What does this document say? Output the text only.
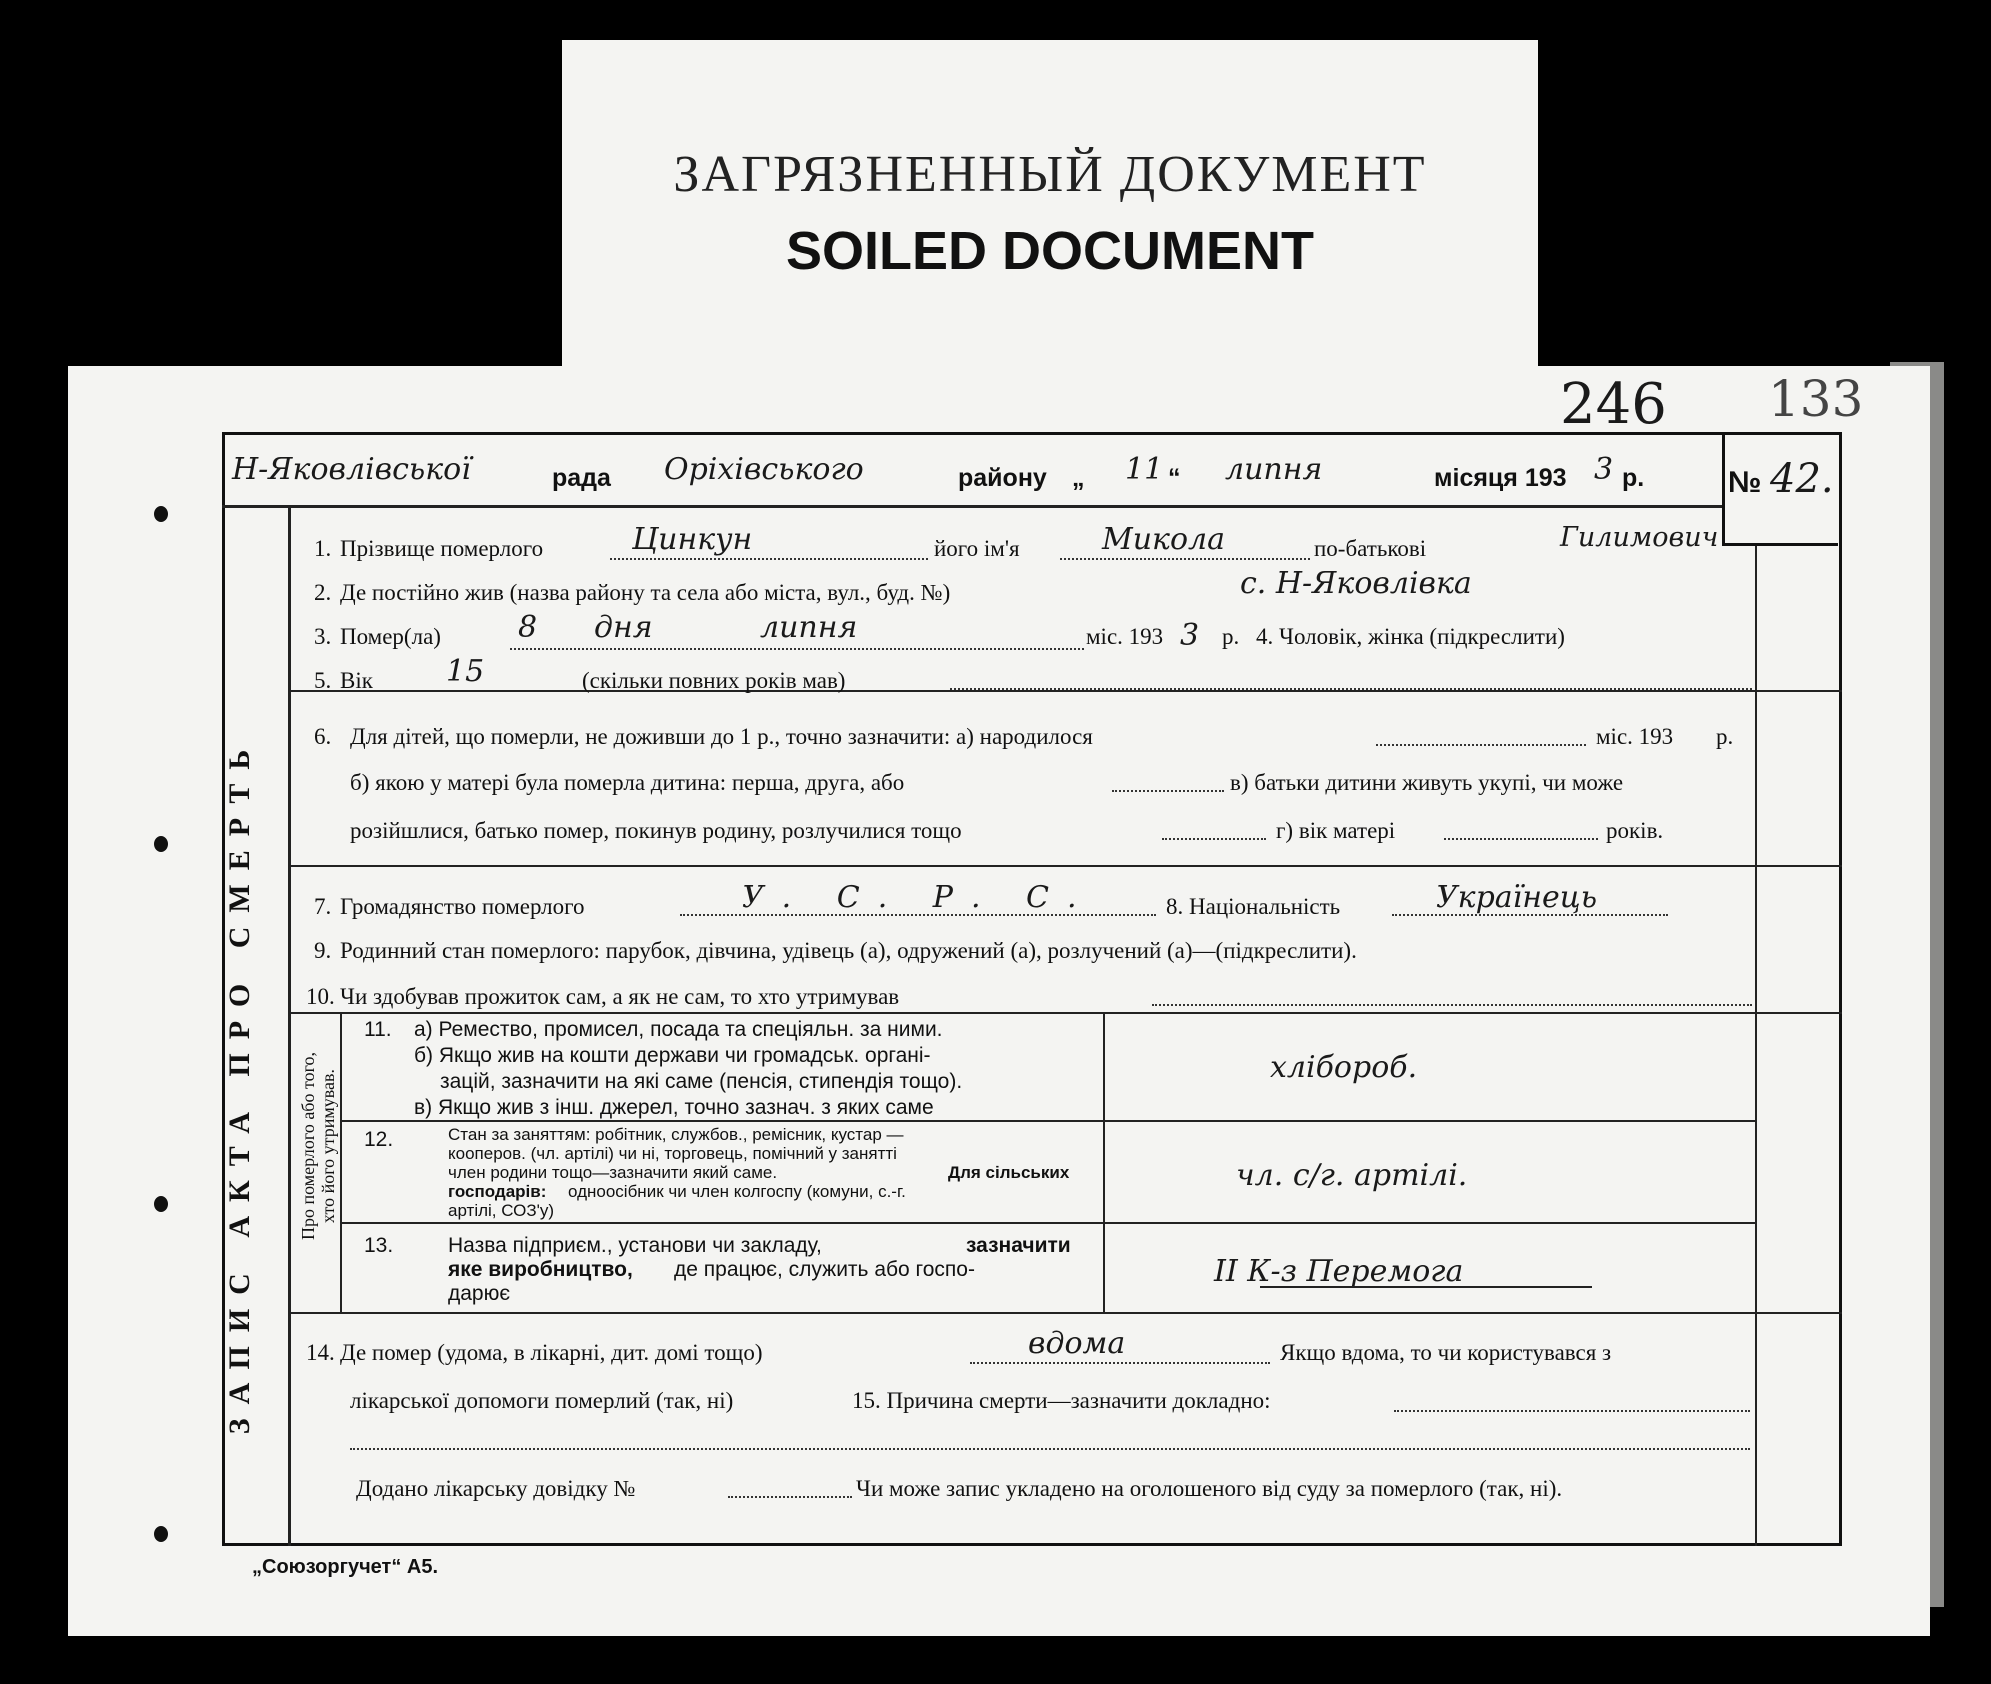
ЗАГРЯЗНЕННЫЙ ДОКУМЕНТ
SOILED DOCUMENT
246 133
ЗАПИС АКТА ПРО СМЕРТЬ Про померлого або того, хто його утримував.
Н-Яковлівської	рада Оріхівського	району „ 11 “ липня	місяця 193 3 р.	№ 42.
1. Прізвище померлого	Цинкун	його ім'я	Микола	по-батькові	Гилимович
2. Де постійно жив (назва району та села або міста, вул., буд. №)	с. Н-Яковлівка
3. Помер(ла)	8 дня	липня	міс. 193 3 р. 4. Чоловік, жінка (підкреслити)
5. Вік 15	(скільки повних років мав)
6. Для дітей, що померли, не доживши до 1 р., точно зазначити: а) народилося	міс. 193 р.
б) якою у матері була померла дитина: перша, друга, або	в) батьки дитини живуть укупі, чи може
розійшлися, батько помер, покинув родину, розлучилися тощо	г) вік матері	років.
7. Громадянство померлого	У. С. Р. С.	8. Національність	Українець
9. Родинний стан померлого: парубок, дівчина, удівець (а), одружений (а), розлучений (а)—(підкреслити).
10. Чи здобував прожиток сам, а як не сам, то хто утримував
11. а) Ремество, промисел, посада та спеціяльн. за ними.
б) Якщо жив на кошти держави чи громадськ. органі-
зацій, зазначити на які саме (пенсія, стипендія тощо).
в) Якщо жив з інш. джерел, точно зазнач. з яких саме
хлібороб.
12.	Стан за заняттям: робітник, службов., ремісник, кустар —
кооперов. (чл. артілі) чи ні, торговець, помічний у занятті
член родини тощо—зазначити який саме.	Для сільських
господарів: одноосібник чи член колгоспу (комуни, с.-г.
артілі, СОЗ'у)
чл. с/г. артілі.
13.	Назва підприєм., установи чи закладу,	зазначити
яке виробництво, де працює, служить або госпо-
дарює
II К-з Перемога
14. Де помер (удома, в лікарні, дит. домі тощо)	вдома	Якщо вдома, то чи користувався з
лікарської допомоги померлий (так, ні)	15. Причина смерти—зазначити докладно:
Додано лікарську довідку №	Чи може запис укладено на оголошеного від суду за померлого (так, ні).
„Союзоргучет“ А5.
